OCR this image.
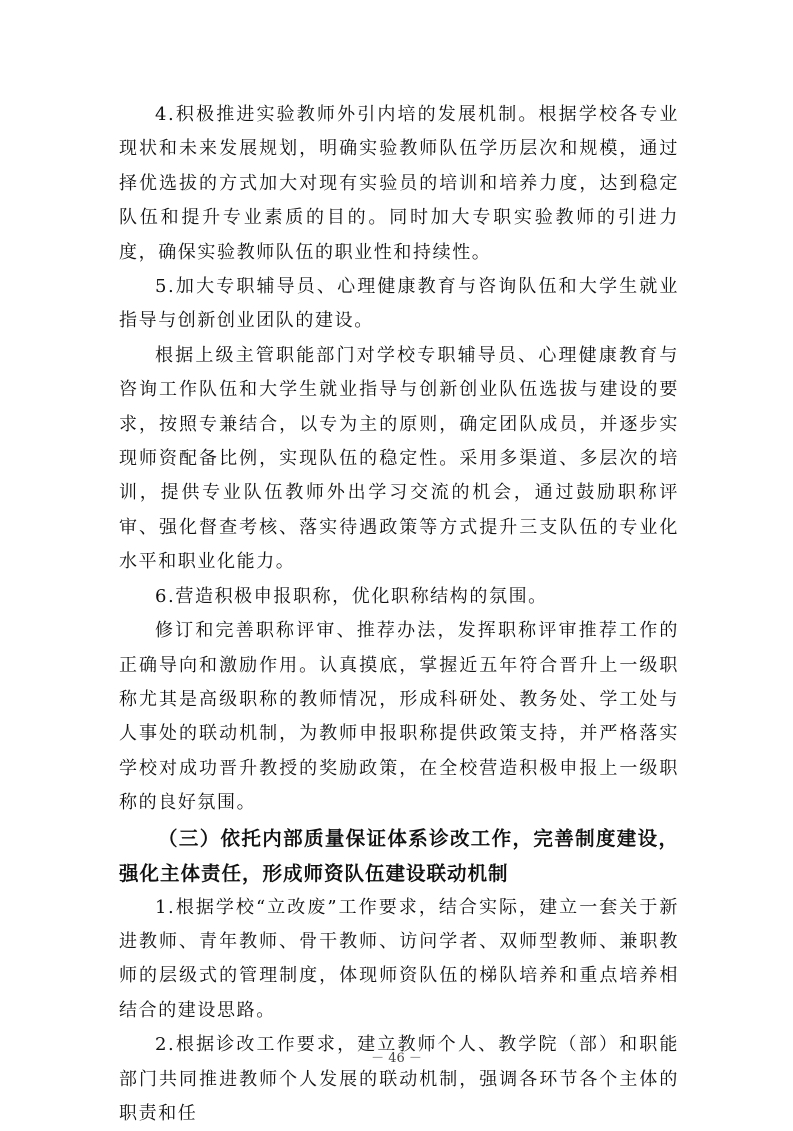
4.积极推进实验教师外引内培的发展机制。根据学校各专业现状和未来发展规划，明确实验教师队伍学历层次和规模，通过择优选拔的方式加大对现有实验员的培训和培养力度，达到稳定队伍和提升专业素质的目的。同时加大专职实验教师的引进力度，确保实验教师队伍的职业性和持续性。

5.加大专职辅导员、心理健康教育与咨询队伍和大学生就业指导与创新创业团队的建设。

根据上级主管职能部门对学校专职辅导员、心理健康教育与咨询工作队伍和大学生就业指导与创新创业队伍选拔与建设的要求，按照专兼结合，以专为主的原则，确定团队成员，并逐步实现师资配备比例，实现队伍的稳定性。采用多渠道、多层次的培训，提供专业队伍教师外出学习交流的机会，通过鼓励职称评审、强化督查考核、落实待遇政策等方式提升三支队伍的专业化水平和职业化能力。

6.营造积极申报职称，优化职称结构的氛围。

修订和完善职称评审、推荐办法，发挥职称评审推荐工作的正确导向和激励作用。认真摸底，掌握近五年符合晋升上一级职称尤其是高级职称的教师情况，形成科研处、教务处、学工处与人事处的联动机制，为教师申报职称提供政策支持，并严格落实学校对成功晋升教授的奖励政策，在全校营造积极申报上一级职称的良好氛围。

（三）依托内部质量保证体系诊改工作，完善制度建设，强化主体责任，形成师资队伍建设联动机制

1.根据学校“立改废”工作要求，结合实际，建立一套关于新进教师、青年教师、骨干教师、访问学者、双师型教师、兼职教师的层级式的管理制度，体现师资队伍的梯队培养和重点培养相结合的建设思路。

2.根据诊改工作要求，建立教师个人、教学院（部）和职能部门共同推进教师个人发展的联动机制，强调各环节各个主体的职责和任

－ 46 －
